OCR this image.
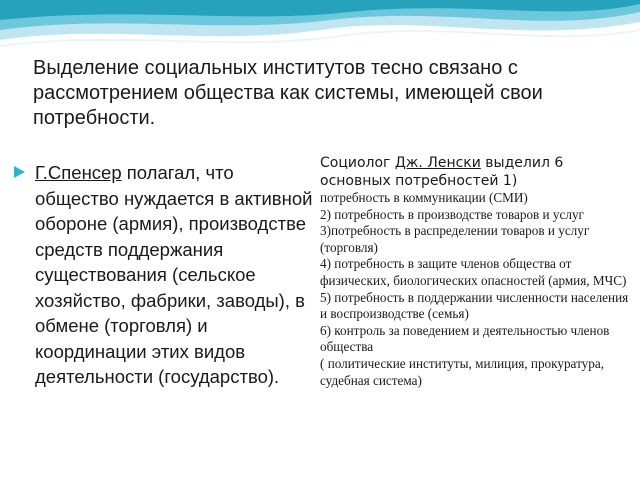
Выделение социальных институтов тесно связано с рассмотрением общества как системы, имеющей свои потребности.
Г.Спенсер полагал, что общество нуждается в активной обороне (армия), производстве средств поддержания существования (сельское хозяйство, фабрики, заводы), в обмене (торговля) и координации этих видов деятельности (государство).
Социолог Дж. Ленски выделил 6 основных потребностей 1)
потребность в коммуникации (СМИ)
2) потребность в производстве товаров и услуг
3)потребность в распределении товаров и услуг (торговля)
4) потребность в защите членов общества от физических, биологических опасностей (армия, МЧС)
5) потребность в поддержании численности населения и воспроизводстве (семья)
6) контроль за поведением и деятельностью членов общества
( политические институты, милиция, прокуратура, судебная система)
